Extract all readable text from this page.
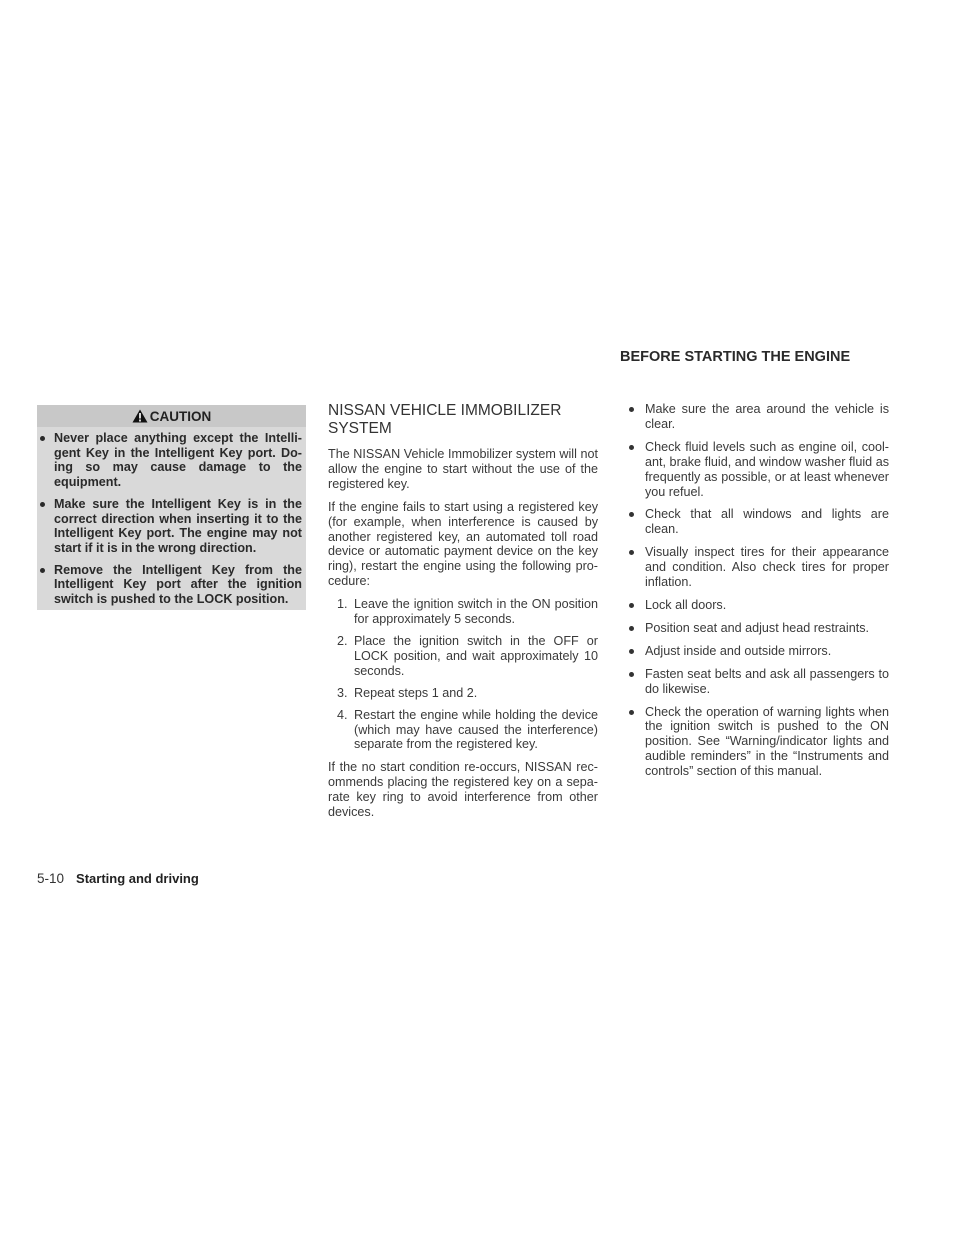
CAUTION
Never place anything except the Intelli-gent Key in the Intelligent Key port. Do-ing so may cause damage to the equipment.
Make sure the Intelligent Key is in the correct direction when inserting it to the Intelligent Key port. The engine may not start if it is in the wrong direction.
Remove the Intelligent Key from the Intelligent Key port after the ignition switch is pushed to the LOCK position.
NISSAN VEHICLE IMMOBILIZER SYSTEM

The NISSAN Vehicle Immobilizer system will not allow the engine to start without the use of the registered key.

If the engine fails to start using a registered key (for example, when interference is caused by another registered key, an automated toll road device or automatic payment device on the key ring), restart the engine using the following pro-cedure:

1. Leave the ignition switch in the ON position for approximately 5 seconds.
2. Place the ignition switch in the OFF or LOCK position, and wait approximately 10 seconds.
3. Repeat steps 1 and 2.
4. Restart the engine while holding the device (which may have caused the interference) separate from the registered key.

If the no start condition re-occurs, NISSAN rec-ommends placing the registered key on a sepa-rate key ring to avoid interference from other devices.

BEFORE STARTING THE ENGINE
Make sure the area around the vehicle is clear.
Check fluid levels such as engine oil, cool-ant, brake fluid, and window washer fluid as frequently as possible, or at least whenever you refuel.
Check that all windows and lights are clean.
Visually inspect tires for their appearance and condition. Also check tires for proper inflation.
Lock all doors.
Position seat and adjust head restraints.
Adjust inside and outside mirrors.
Fasten seat belts and ask all passengers to do likewise.
Check the operation of warning lights when the ignition switch is pushed to the ON position. See “Warning/indicator lights and audible reminders” in the “Instruments and controls” section of this manual.
5-10 Starting and driving
